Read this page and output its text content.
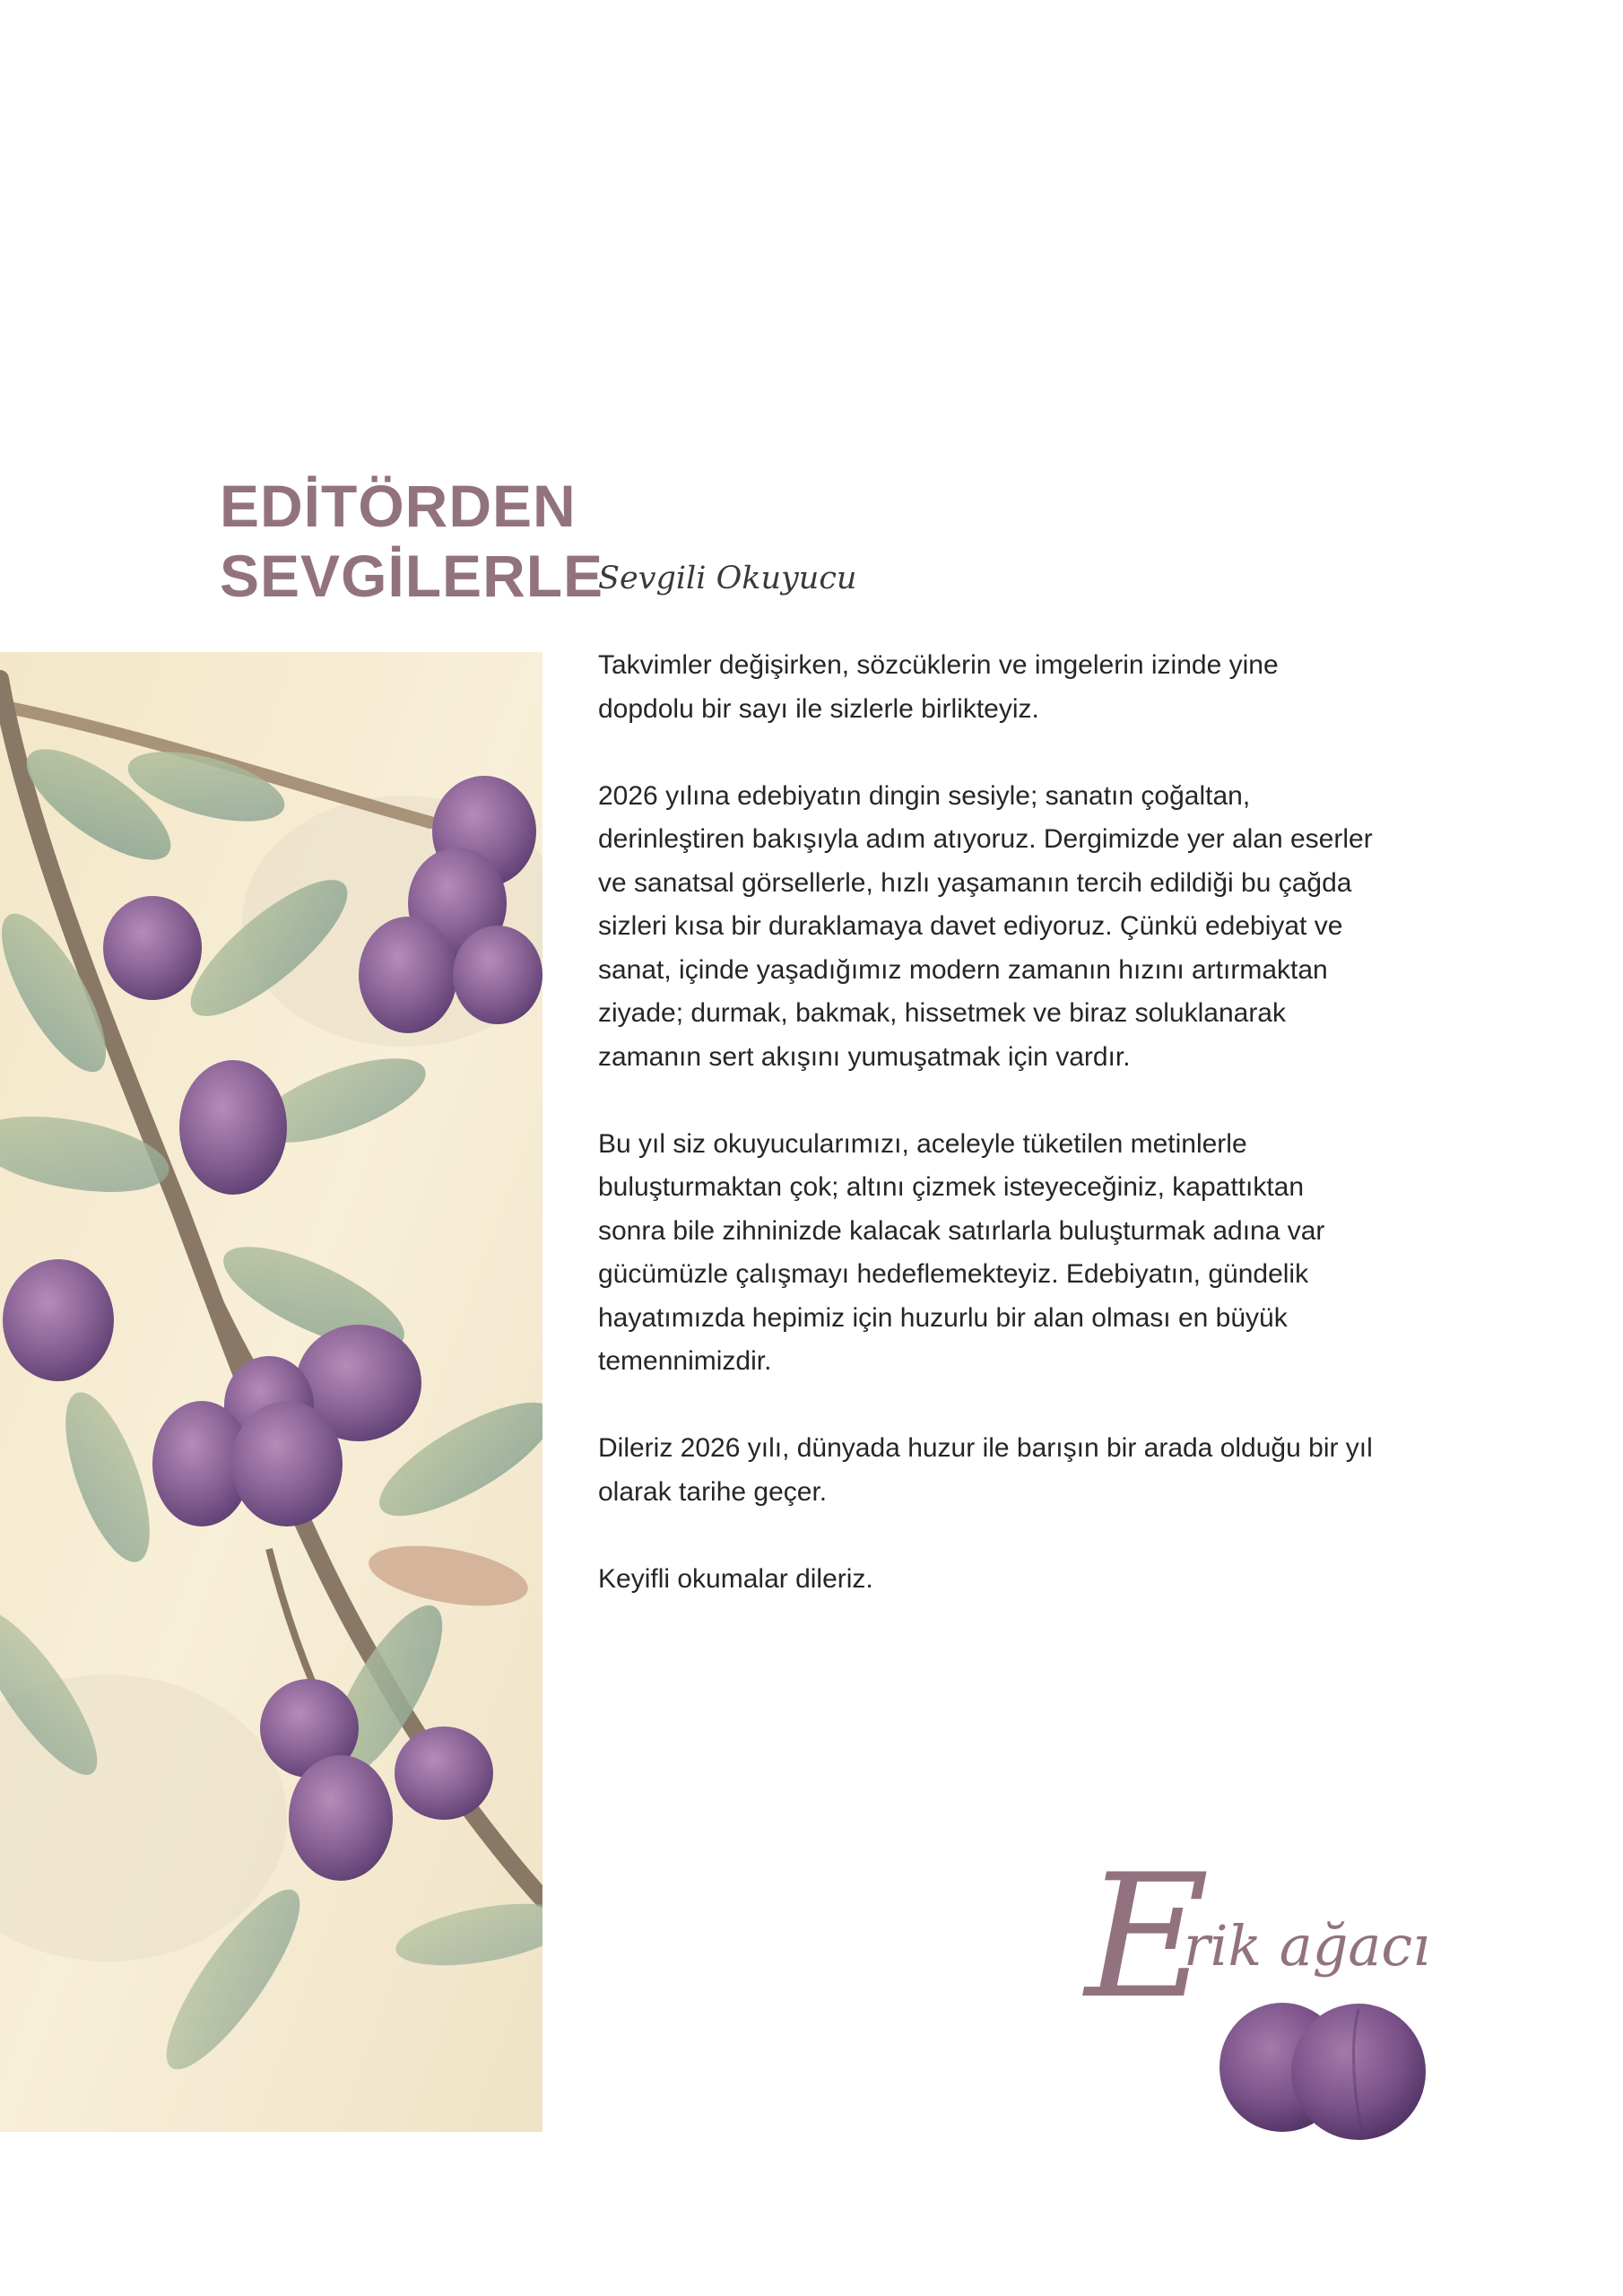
EDİTÖRDEN
SEVGİLERLE
Sevgili Okuyucu

Takvimler değişirken, sözcüklerin ve imgelerin izinde yine dopdolu bir sayı ile sizlerle birlikteyiz.

2026 yılına edebiyatın dingin sesiyle; sanatın çoğaltan, derinleştiren bakışıyla adım atıyoruz. Dergimizde yer alan eserler ve sanatsal görsellerle, hızlı yaşamanın tercih edildiği bu çağda sizleri kısa bir duraklamaya davet ediyoruz. Çünkü edebiyat ve sanat, içinde yaşadığımız modern zamanın hızını artırmaktan ziyade; durmak, bakmak, hissetmek ve biraz soluklanarak zamanın sert akışını yumuşatmak için vardır.

Bu yıl siz okuyucularımızı, aceleyle tüketilen metinlerle buluşturmaktan çok; altını çizmek isteyeceğiniz, kapattıktan sonra bile zihninizde kalacak satırlarla buluşturmak adına var gücümüzle çalışmayı hedeflemekteyiz. Edebiyatın, gündelik hayatımızda hepimiz için huzurlu bir alan olması en büyük temennimizdir.

Dileriz 2026 yılı, dünyada huzur ile barışın bir arada olduğu bir yıl olarak tarihe geçer.

Keyifli okumalar dileriz.

E
rik ağacı
